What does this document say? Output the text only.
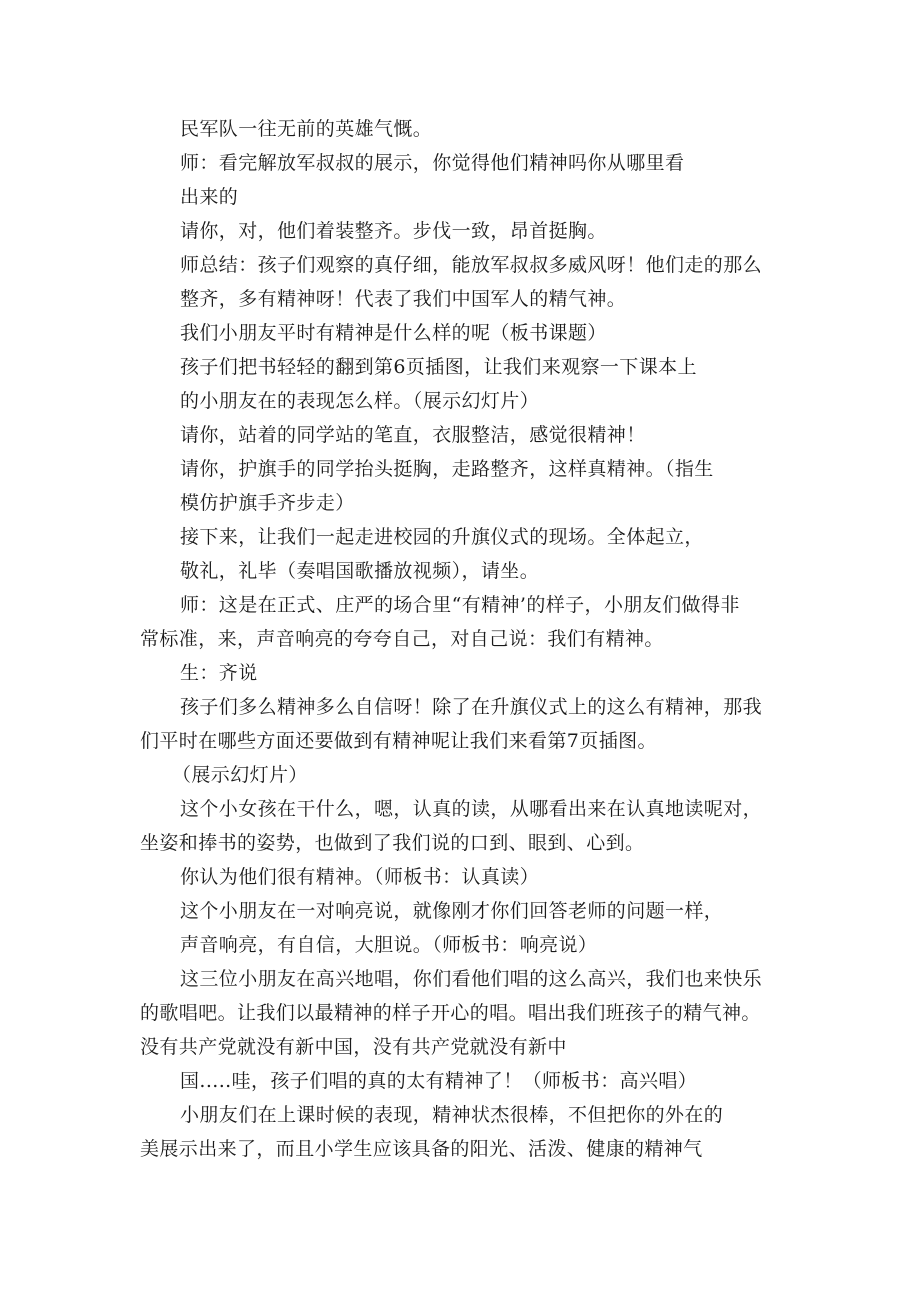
民军队一往无前的英雄气慨。
师：看完解放军叔叔的展示，你觉得他们精神吗你从哪里看
出来的
请你，对，他们着装整齐。步伐一致，昂首挺胸。
师总结：孩子们观察的真仔细，能放军叔叔多威风呀！他们走的那么
整齐，多有精神呀！代表了我们中国军人的精气神。
我们小朋友平时有精神是什么样的呢（板书课题）
孩子们把书轻轻的翻到第6页插图，让我们来观察一下课本上
的小朋友在的表现怎么样。（展示幻灯片）
请你，站着的同学站的笔直，衣服整洁，感觉很精神！
请你，护旗手的同学抬头挺胸，走路整齐，这样真精神。（指生
模仿护旗手齐步走）
接下来，让我们一起走进校园的升旗仪式的现场。全体起立，
敬礼，礼毕（奏唱国歌播放视频），请坐。
师：这是在正式、庄严的场合里“有精神’的样子，小朋友们做得非
常标准，来，声音响亮的夸夸自己，对自己说：我们有精神。
生：齐说
孩子们多么精神多么自信呀！除了在升旗仪式上的这么有精神，那我
们平时在哪些方面还要做到有精神呢让我们来看第7页插图。
（展示幻灯片）
这个小女孩在干什么，嗯，认真的读，从哪看出来在认真地读呢对，
坐姿和捧书的姿势，也做到了我们说的口到、眼到、心到。
你认为他们很有精神。（师板书：认真读）
这个小朋友在一对响亮说，就像刚才你们回答老师的问题一样，
声音响亮，有自信，大胆说。（师板书：响亮说）
这三位小朋友在高兴地唱，你们看他们唱的这么高兴，我们也来快乐
的歌唱吧。让我们以最精神的样子开心的唱。唱出我们班孩子的精气神。
没有共产党就没有新中国，没有共产党就没有新中
国.....哇，孩子们唱的真的太有精神了！（师板书：高兴唱）
小朋友们在上课时候的表现，精神状杰很棒，不但把你的外在的
美展示出来了，而且小学生应该具备的阳光、活泼、健康的精神气
